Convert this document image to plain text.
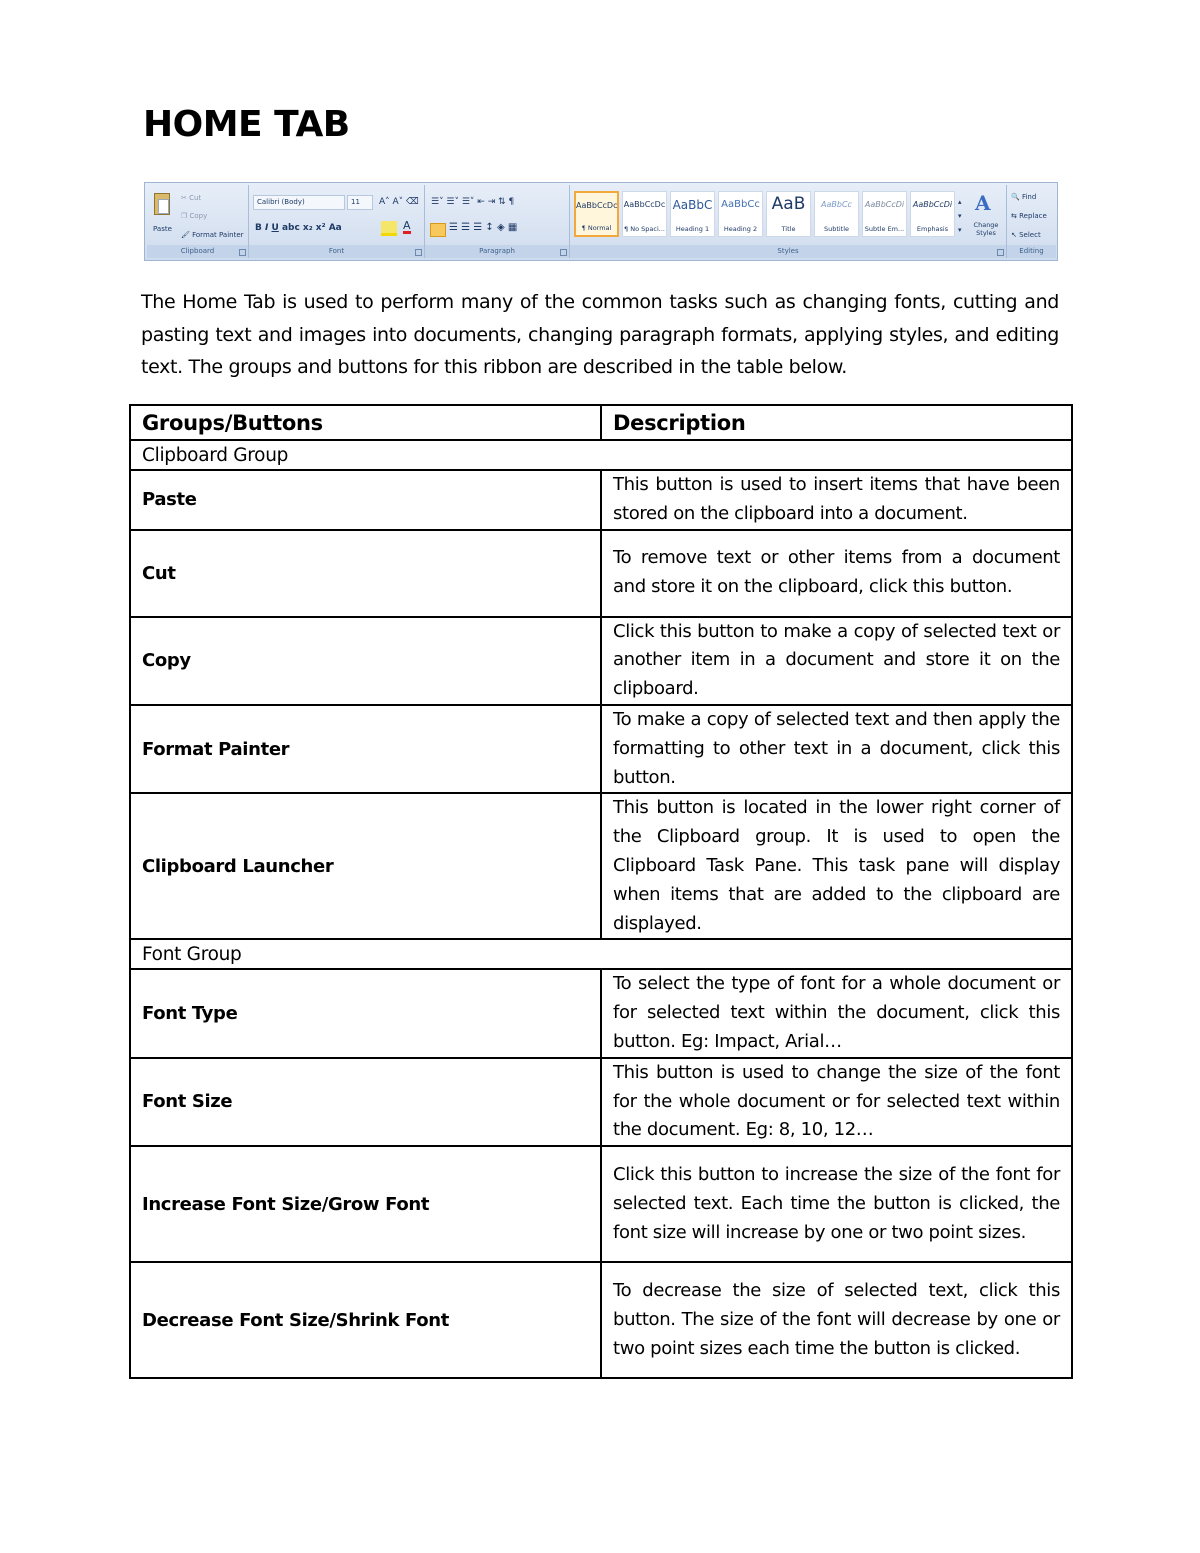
HOME TAB
Paste
✂ Cut
❐ Copy
🖌 Format Painter
Clipboard
Calibri (Body)	11 A˄ A˅ ⌫
B I U abc x₂ x² Aa	A
Font
☰˅ ☰˅ ☰˅ ⇤ ⇥ ⇅ ¶
☰ ☰ ☰ ↕ ◈ ▦
Paragraph
AaBbCcDc
¶ Normal
AaBbCcDc
¶ No Spaci...
AaBbC
Heading 1
AaBbCc
Heading 2
AaB
Title
AaBbCc
Subtitle
AaBbCcDi
Subtle Em...
AaBbCcDi
Emphasis
▴
▾
▾
A
Change Styles
Styles
🔍 Find
⇆ Replace
↖ Select
Editing

The Home Tab is used to perform many of the common tasks such as changing fonts, cutting and pasting text and images into documents, changing paragraph formats, applying styles, and editing text. The groups and buttons for this ribbon are described in the table below.

Groups/Buttons	Description
Clipboard Group	
Paste	This button is used to insert items that have been stored on the clipboard into a document.
Cut	To remove text or other items from a document and store it on the clipboard, click this button.
Copy	Click this button to make a copy of selected text or another item in a document and store it on the clipboard.
Format Painter	To make a copy of selected text and then apply the formatting to other text in a document, click this button.
Clipboard Launcher	This button is located in the lower right corner of the Clipboard group. It is used to open the Clipboard Task Pane. This task pane will display when items that are added to the clipboard are displayed.
Font Group	
Font Type	To select the type of font for a whole document or for selected text within the document, click this button. Eg: Impact, Arial…
Font Size	This button is used to change the size of the font for the whole document or for selected text within the document. Eg: 8, 10, 12…
Increase Font Size/Grow Font	Click this button to increase the size of the font for selected text. Each time the button is clicked, the font size will increase by one or two point sizes.
Decrease Font Size/Shrink Font	To decrease the size of selected text, click this button. The size of the font will decrease by one or two point sizes each time the button is clicked.
